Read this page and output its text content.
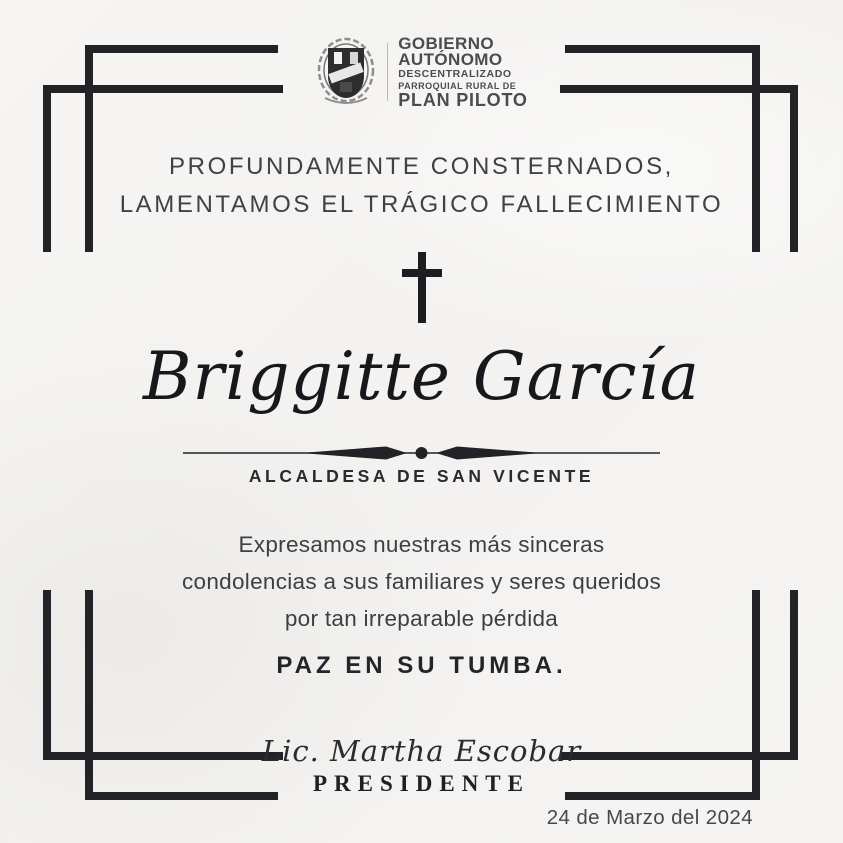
GOBIERNO
AUTÓNOMO
DESCENTRALIZADO
PARROQUIAL RURAL DE
PLAN PILOTO
PROFUNDAMENTE CONSTERNADOS,
LAMENTAMOS EL TRÁGICO FALLECIMIENTO
Briggitte García
ALCALDESA DE SAN VICENTE
Expresamos nuestras más sinceras
condolencias a sus familiares y seres queridos
por tan irreparable pérdida
PAZ EN SU TUMBA.
Lic. Martha Escobar
PRESIDENTE
24 de Marzo del 2024
